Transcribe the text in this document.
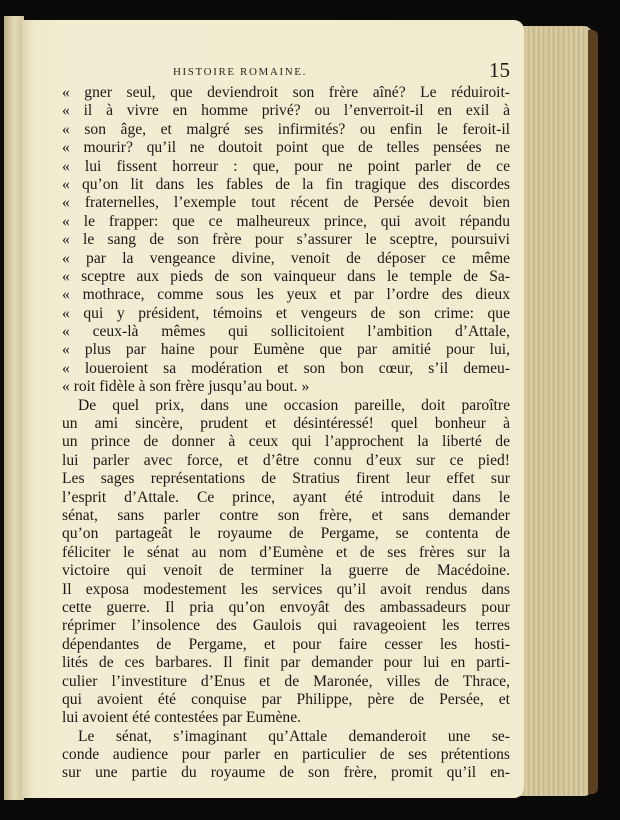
HISTOIRE ROMAINE.	15
« gner seul, que deviendroit son frère aîné? Le réduiroit-
« il à vivre en homme privé? ou l’enverroit-il en exil à
« son âge, et malgré ses infirmités? ou enfin le feroit-il
« mourir? qu’il ne doutoit point que de telles pensées ne
« lui fissent horreur : que, pour ne point parler de ce
« qu’on lit dans les fables de la fin tragique des discordes
« fraternelles, l’exemple tout récent de Persée devoit bien
« le frapper: que ce malheureux prince, qui avoit répandu
« le sang de son frère pour s’assurer le sceptre, poursuivi
« par la vengeance divine, venoit de déposer ce même
« sceptre aux pieds de son vainqueur dans le temple de Sa-
« mothrace, comme sous les yeux et par l’ordre des dieux
« qui y président, témoins et vengeurs de son crime: que
« ceux-là mêmes qui sollicitoient l’ambition d’Attale,
« plus par haine pour Eumène que par amitié pour lui,
« loueroient sa modération et son bon cœur, s’il demeu-
« roit fidèle à son frère jusqu’au bout. »
De quel prix, dans une occasion pareille, doit paroître
un ami sincère, prudent et désintéressé! quel bonheur à
un prince de donner à ceux qui l’approchent la liberté de
lui parler avec force, et d’être connu d’eux sur ce pied!
Les sages représentations de Stratius firent leur effet sur
l’esprit d’Attale. Ce prince, ayant été introduit dans le
sénat, sans parler contre son frère, et sans demander
qu’on partageât le royaume de Pergame, se contenta de
féliciter le sénat au nom d’Eumène et de ses frères sur la
victoire qui venoit de terminer la guerre de Macédoine.
Il exposa modestement les services qu’il avoit rendus dans
cette guerre. Il pria qu’on envoyât des ambassadeurs pour
réprimer l’insolence des Gaulois qui ravageoient les terres
dépendantes de Pergame, et pour faire cesser les hosti-
lités de ces barbares. Il finit par demander pour lui en parti-
culier l’investiture d’Enus et de Maronée, villes de Thrace,
qui avoient été conquise par Philippe, père de Persée, et
lui avoient été contestées par Eumène.
Le sénat, s’imaginant qu’Attale demanderoit une se-
conde audience pour parler en particulier de ses prétentions
sur une partie du royaume de son frère, promit qu’il en-
